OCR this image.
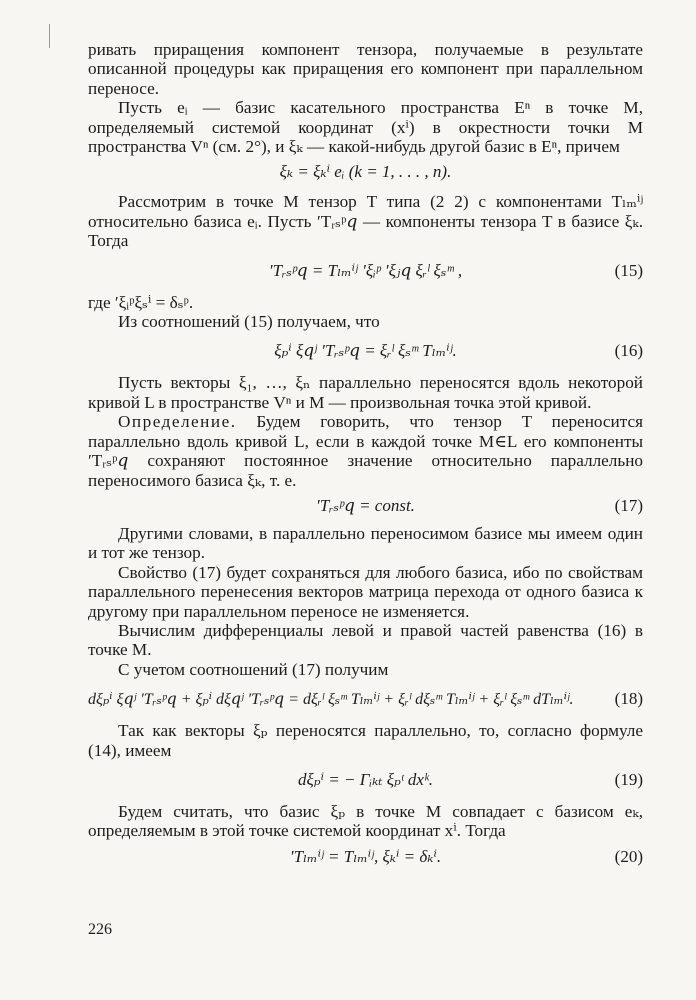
ривать приращения компонент тензора, получаемые в результате описанной процедуры как приращения его компонент при параллельном переносе.

Пусть eᵢ — базис касательного пространства Eⁿ в точке M, определяемый системой координат (xⁱ) в окрестности точки M пространства Vⁿ (см. 2°), и ξₖ — какой-нибудь другой базис в Eⁿ, причем

ξₖ = ξₖⁱ eᵢ (k = 1, . . . , n).

Рассмотрим в точке M тензор T типа (2 2) с компонентами Tₗₘⁱʲ относительно базиса eᵢ. Пусть ′Tᵣₛᵖ𝑞 — компоненты тензора T в базисе ξₖ. Тогда

′Tᵣₛᵖ𝑞 = Tₗₘⁱʲ ′ξᵢᵖ ′ξⱼ𝑞 ξᵣˡ ξₛᵐ ,	(15)

где ′ξᵢᵖξₛⁱ = δₛᵖ.

Из соотношений (15) получаем, что

ξₚⁱ ξ𝑞ʲ ′Tᵣₛᵖ𝑞 = ξᵣˡ ξₛᵐ Tₗₘⁱʲ.	(16)

Пусть векторы ξ₁, …, ξₙ параллельно переносятся вдоль некоторой кривой L в пространстве Vⁿ и M — произвольная точка этой кривой.

Определение. Будем говорить, что тензор T переносится параллельно вдоль кривой L, если в каждой точке M∈L его компоненты ′Tᵣₛᵖ𝑞 сохраняют постоянное значение относительно параллельно переносимого базиса ξₖ, т. е.

′Tᵣₛᵖ𝑞 = const.	(17)

Другими словами, в параллельно переносимом базисе мы имеем один и тот же тензор.

Свойство (17) будет сохраняться для любого базиса, ибо по свойствам параллельного перенесения векторов матрица перехода от одного базиса к другому при параллельном переносе не изменяется.

Вычислим дифференциалы левой и правой частей равенства (16) в точке M.

С учетом соотношений (17) получим

dξₚⁱ ξ𝑞ʲ ′Tᵣₛᵖ𝑞 + ξₚⁱ dξ𝑞ʲ ′Tᵣₛᵖ𝑞 = dξᵣˡ ξₛᵐ Tₗₘⁱʲ + ξᵣˡ dξₛᵐ Tₗₘⁱʲ + ξᵣˡ ξₛᵐ dTₗₘⁱʲ.	(18)

Так как векторы ξₚ переносятся параллельно, то, согласно формуле (14), имеем

dξₚⁱ = − Γᵢₖₜ ξₚᵗ dxᵏ.	(19)

Будем считать, что базис ξₚ в точке M совпадает с базисом eₖ, определяемым в этой точке системой координат xⁱ. Тогда

′Tₗₘⁱʲ = Tₗₘⁱʲ, ξₖⁱ = δₖⁱ.	(20)
226
